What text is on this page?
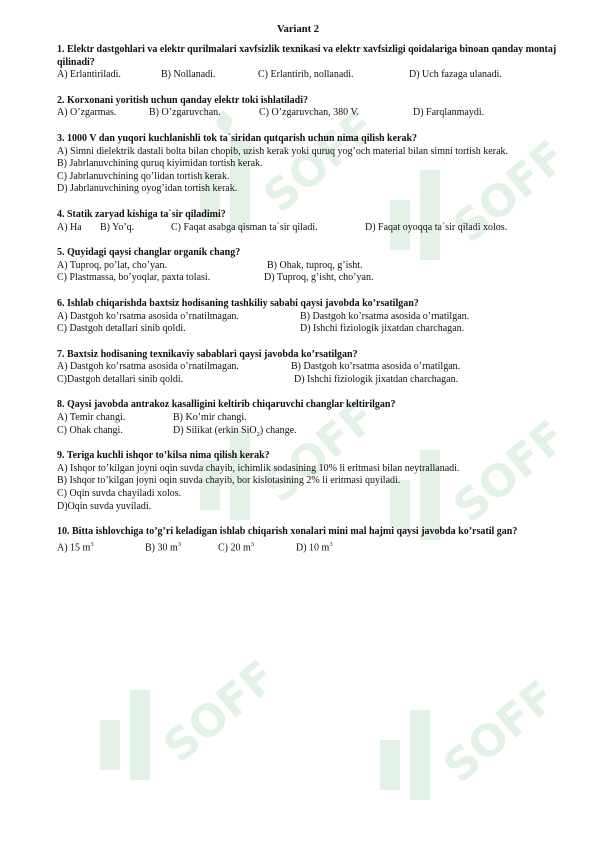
SOFF SOFF
SOFF SOFF
SOFF	SOFF
Variant 2
1. Elektr dastgohlari va elektr qurilmalari xavfsizlik texnikasi va elektr xavfsizligi qoidalariga binoan qanday montaj qilinadi?
A) Erlantiriladi.	B) Nollanadi.	C) Erlantirib, nollanadi.	D) Uch fazaga ulanadi.
2. Korxonani yoritish uchun qanday elektr toki ishlatiladi?
A) O’zgarmas.	B) O’zgaruvchan.	C) O’zgaruvchan, 380 V.	D) Farqlanmaydi.
3. 1000 V dan yuqori kuchlanishli tok ta`siridan qutqarish uchun nima qilish kerak?
A) Simni dielektrik dastali bolta bilan chopib, uzish kerak yoki quruq yog’och material bilan simni tortish kerak.
B) Jabrlanuvchining quruq kiyimidan tortish kerak.
C) Jabrlanuvchining qo’lidan tortish kerak.
D) Jabrlanuvchining oyog’idan tortish kerak.
4. Statik zaryad kishiga ta`sir qiladimi?
A) Ha B) Yo’q.	C) Faqat asabga qisman ta`sir qiladi.	D) Faqat oyoqqa ta`sir qiladi xolos.
5. Quyidagi qaysi changlar organik chang?
A) Tuproq, po’lat, cho’yan.	B) Ohak, tuproq, g’isht.
C) Plastmassa, bo’yoqlar, paxta tolasi.	D) Tuproq, g’isht, cho’yan.
6. Ishlab chiqarishda baxtsiz hodisaning tashkiliy sababi qaysi javobda ko’rsatilgan?
A) Dastgoh ko’rsatma asosida o’rnatilmagan.	B) Dastgoh ko’rsatma asosida o’rnatilgan.
C) Dastgoh detallari sinib qoldi.	D) Ishchi fiziologik jixatdan charchagan.
7. Baxtsiz hodisaning texnikaviy sabablari qaysi javobda ko’rsatilgan?
A) Dastgoh ko’rsatma asosida o’rnatilmagan.	B) Dastgoh ko’rsatma asosida o’rnatilgan.
C)Dastgoh detallari sinib qoldi.	D) Ishchi fiziologik jixatdan charchagan.
8. Qaysi javobda antrakoz kasalligini keltirib chiqaruvchi changlar keltirilgan?
A) Temir changi.	B) Ko’mir changi.
C) Ohak changi.	D) Silikat (erkin SiO$_2$) change.
9. Teriga kuchli ishqor to’kilsa nima qilish kerak?
A) Ishqor to’kilgan joyni oqin suvda chayib, ichimlik sodasining 10% li eritmasi bilan neytrallanadi.
B) Ishqor to’kilgan joyni oqin suvda chayib, bor kislotasining 2% li eritmasi quyiladi.
C) Oqin suvda chayiladi xolos.
D)Oqin suvda yuviladi.
10. Bitta ishlovchiga to’g’ri keladigan ishlab chiqarish xonalari mini mal hajmi qaysi javobda ko’rsatil gan?
A) 15 $m^3$	B) 30 $m^3$	C) 20 $m^3$	D) 10 $m^3$
